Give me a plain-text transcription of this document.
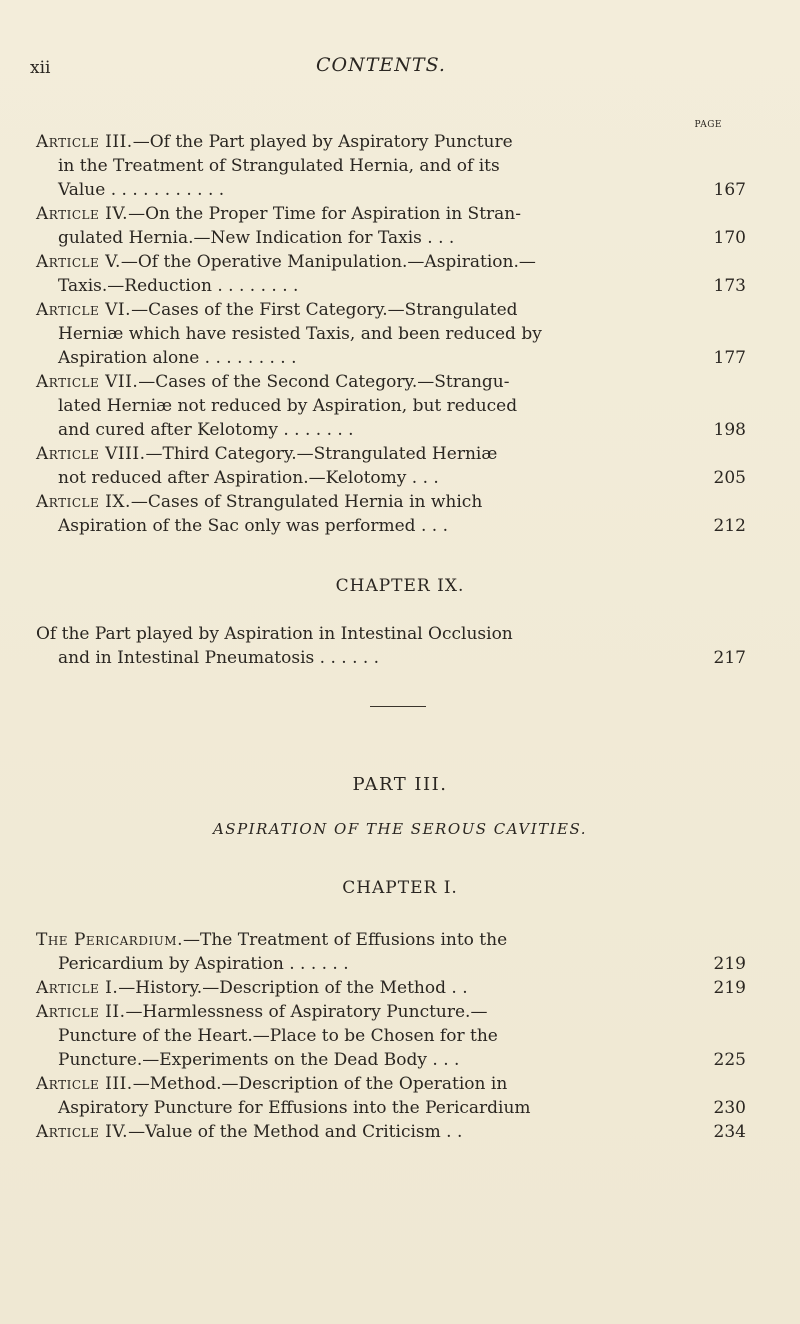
xii	CONTENTS.
PAGE
Article III.—Of the Part played by Aspiratory Puncture
in the Treatment of Strangulated Hernia, and of its
Value . . . . . . . . . . .	167
Article IV.—On the Proper Time for Aspiration in Stran-
gulated Hernia.—New Indication for Taxis . . .	170
Article V.—Of the Operative Manipulation.—Aspiration.—
Taxis.—Reduction . . . . . . . .	173
Article VI.—Cases of the First Category.—Strangulated
Herniæ which have resisted Taxis, and been reduced by
Aspiration alone . . . . . . . . .	177
Article VII.—Cases of the Second Category.—Strangu-
lated Herniæ not reduced by Aspiration, but reduced
and cured after Kelotomy . . . . . . .	198
Article VIII.—Third Category.—Strangulated Herniæ
not reduced after Aspiration.—Kelotomy . . .	205
Article IX.—Cases of Strangulated Hernia in which
Aspiration of the Sac only was performed . . .	212
CHAPTER IX.
Of the Part played by Aspiration in Intestinal Occlusion
and in Intestinal Pneumatosis . . . . . .	217
PART III.
ASPIRATION OF THE SEROUS CAVITIES.
CHAPTER I.
The Pericardium.—The Treatment of Effusions into the
Pericardium by Aspiration . . . . . .	219
Article I.—History.—Description of the Method . .	219
Article II.—Harmlessness of Aspiratory Puncture.—
Puncture of the Heart.—Place to be Chosen for the
Puncture.—Experiments on the Dead Body . . .	225
Article III.—Method.—Description of the Operation in
Aspiratory Puncture for Effusions into the Pericardium	230
Article IV.—Value of the Method and Criticism . .	234
